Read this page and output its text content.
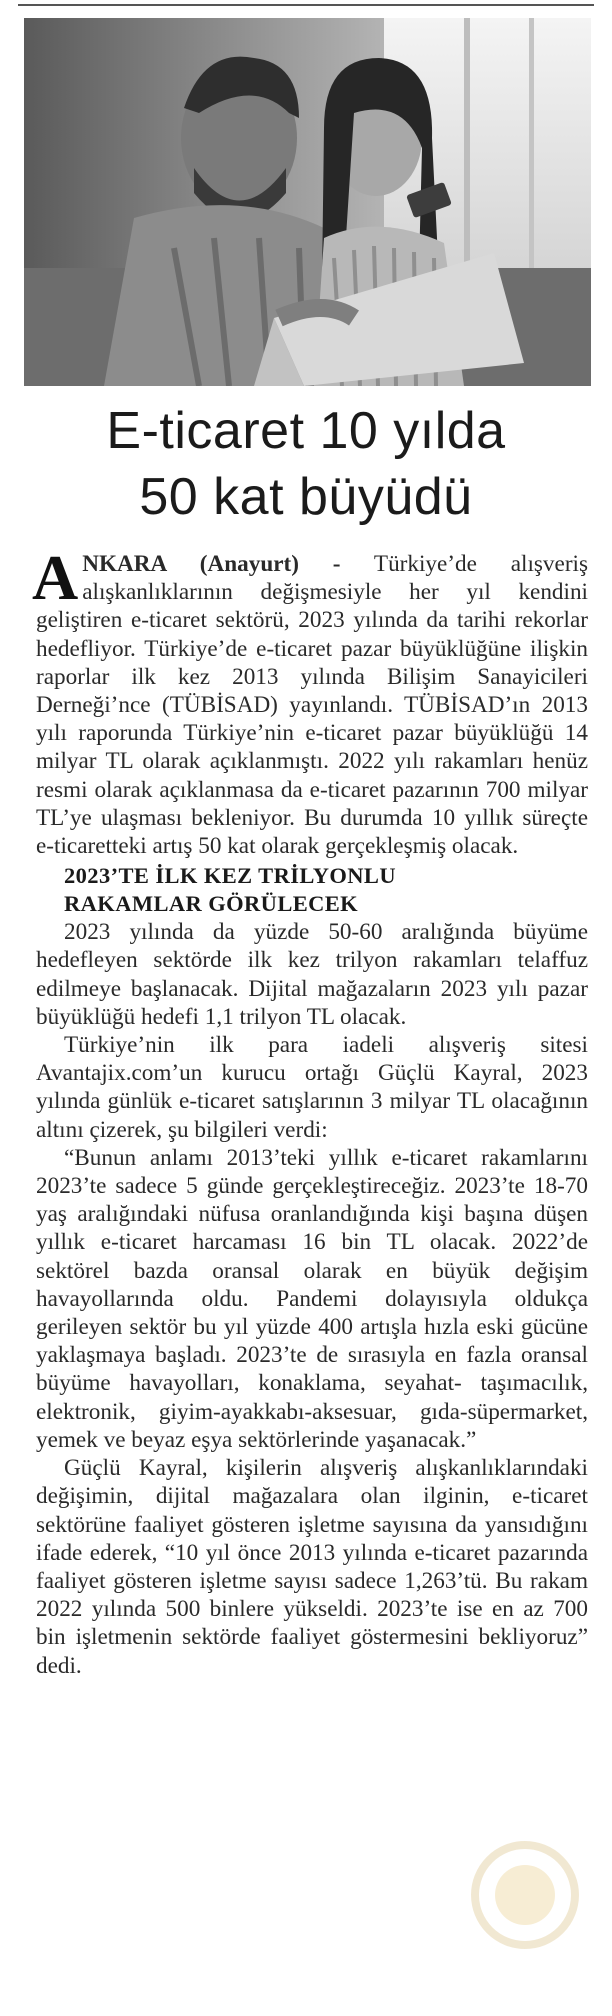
E-ticaret 10 yılda
50 kat büyüdü

ANKARA (Anayurt) - Türkiye’de alışveriş alışkanlıklarının değişmesiyle her yıl kendini geliştiren e-ticaret sektörü, 2023 yılında da tarihi rekorlar hedefliyor. Türkiye’de e-ticaret pazar büyüklüğüne ilişkin raporlar ilk kez 2013 yılında Bilişim Sanayicileri Derneği’nce (TÜBİSAD) yayınlandı. TÜBİSAD’ın 2013 yılı raporunda Türkiye’nin e-ticaret pazar büyüklüğü 14 milyar TL olarak açıklanmıştı. 2022 yılı rakamları henüz resmi olarak açıklanmasa da e-ticaret pazarının 700 milyar TL’ye ulaşması bekleniyor. Bu durumda 10 yıllık süreçte e-ticaretteki artış 50 kat olarak gerçekleşmiş olacak.

2023’TE İLK KEZ TRİLYONLU
RAKAMLAR GÖRÜLECEK

2023 yılında da yüzde 50-60 aralığında büyüme hedefleyen sektörde ilk kez trilyon rakamları telaffuz edilmeye başlanacak. Dijital mağazaların 2023 yılı pazar büyüklüğü hedefi 1,1 trilyon TL olacak.

Türkiye’nin ilk para iadeli alışveriş sitesi Avantajix.com’un kurucu ortağı Güçlü Kayral, 2023 yılında günlük e-ticaret satışlarının 3 milyar TL olacağının altını çizerek, şu bilgileri verdi:

“Bunun anlamı 2013’teki yıllık e-ticaret rakamlarını 2023’te sadece 5 günde gerçekleştireceğiz. 2023’te 18-70 yaş aralığındaki nüfusa oranlandığında kişi başına düşen yıllık e-ticaret harcaması 16 bin TL olacak. 2022’de sektörel bazda oransal olarak en büyük değişim havayollarında oldu. Pandemi dolayısıyla oldukça gerileyen sektör bu yıl yüzde 400 artışla hızla eski gücüne yaklaşmaya başladı. 2023’te de sırasıyla en fazla oransal büyüme havayolları, konaklama, seyahat- taşımacılık, elektronik, giyim-ayakkabı-aksesuar, gıda-süpermarket, yemek ve beyaz eşya sektörlerinde yaşanacak.”

Güçlü Kayral, kişilerin alışveriş alışkanlıklarındaki değişimin, dijital mağazalara olan ilginin, e-ticaret sektörüne faaliyet gösteren işletme sayısına da yansıdığını ifade ederek, “10 yıl önce 2013 yılında e-ticaret pazarında faaliyet gösteren işletme sayısı sadece 1,263’tü. Bu rakam 2022 yılında 500 binlere yükseldi. 2023’te ise en az 700 bin işletmenin sektörde faaliyet göstermesini bekliyoruz” dedi.
